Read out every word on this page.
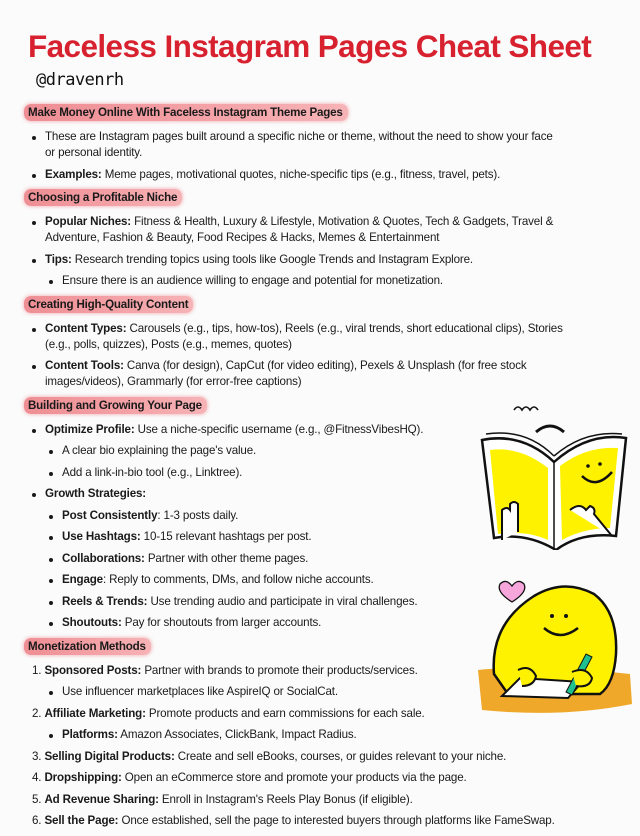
Faceless Instagram Pages Cheat Sheet
@dravenrh
Make Money Online With Faceless Instagram Theme Pages
These are Instagram pages built around a specific niche or theme, without the need to show your face
or personal identity.
Examples: Meme pages, motivational quotes, niche-specific tips (e.g., fitness, travel, pets).
Choosing a Profitable Niche
Popular Niches: Fitness & Health, Luxury & Lifestyle, Motivation & Quotes, Tech & Gadgets, Travel &
Adventure, Fashion & Beauty, Food Recipes & Hacks, Memes & Entertainment
Tips: Research trending topics using tools like Google Trends and Instagram Explore.
Ensure there is an audience willing to engage and potential for monetization.
Creating High-Quality Content
Content Types: Carousels (e.g., tips, how-tos), Reels (e.g., viral trends, short educational clips), Stories
(e.g., polls, quizzes), Posts (e.g., memes, quotes)
Content Tools: Canva (for design), CapCut (for video editing), Pexels & Unsplash (for free stock
images/videos), Grammarly (for error-free captions)
Building and Growing Your Page
Optimize Profile: Use a niche-specific username (e.g., @FitnessVibesHQ).
A clear bio explaining the page's value.
Add a link-in-bio tool (e.g., Linktree).
Growth Strategies:
Post Consistently: 1-3 posts daily.
Use Hashtags: 10-15 relevant hashtags per post.
Collaborations: Partner with other theme pages.
Engage: Reply to comments, DMs, and follow niche accounts.
Reels & Trends: Use trending audio and participate in viral challenges.
Shoutouts: Pay for shoutouts from larger accounts.
Monetization Methods
1. Sponsored Posts: Partner with brands to promote their products/services.
Use influencer marketplaces like AspireIQ or SocialCat.
2. Affiliate Marketing: Promote products and earn commissions for each sale.
Platforms: Amazon Associates, ClickBank, Impact Radius.
3. Selling Digital Products: Create and sell eBooks, courses, or guides relevant to your niche.
4. Dropshipping: Open an eCommerce store and promote your products via the page.
5. Ad Revenue Sharing: Enroll in Instagram's Reels Play Bonus (if eligible).
6. Sell the Page: Once established, sell the page to interested buyers through platforms like FameSwap.
